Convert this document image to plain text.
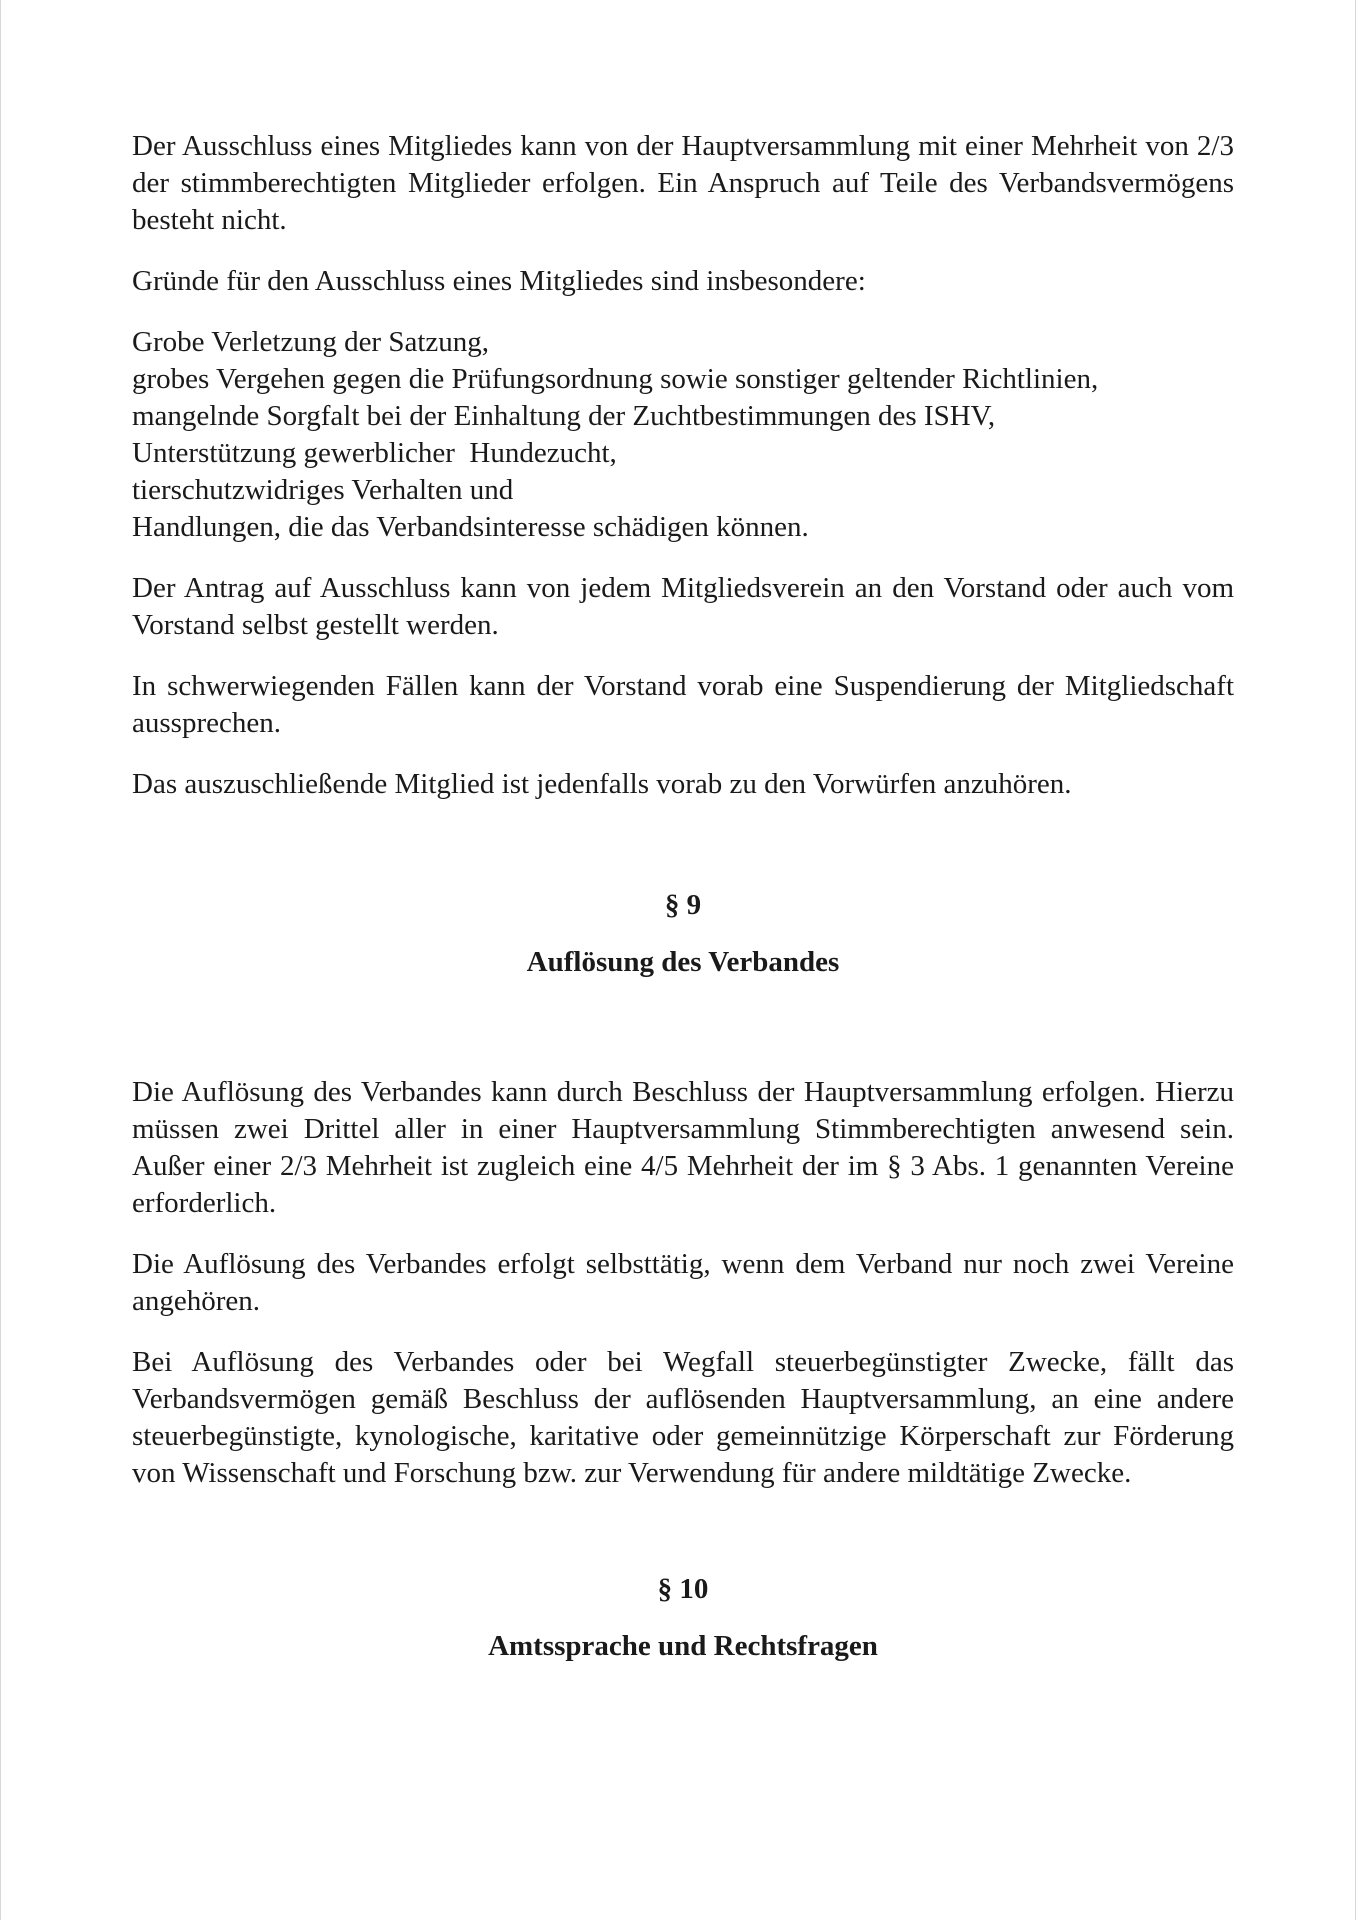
Der Ausschluss eines Mitgliedes kann von der Hauptversammlung mit einer Mehrheit von 2/3 der stimmberechtigten Mitglieder erfolgen. Ein Anspruch auf Teile des Verbandsvermögens besteht nicht.

Gründe für den Ausschluss eines Mitgliedes sind insbesondere:

Grobe Verletzung der Satzung,
grobes Vergehen gegen die Prüfungsordnung sowie sonstiger geltender Richtlinien,
mangelnde Sorgfalt bei der Einhaltung der Zuchtbestimmungen des ISHV,
Unterstützung gewerblicher  Hundezucht,
tierschutzwidriges Verhalten und
Handlungen, die das Verbandsinteresse schädigen können.

Der Antrag auf Ausschluss kann von jedem Mitgliedsverein an den Vorstand oder auch vom Vorstand selbst gestellt werden.

In schwerwiegenden Fällen kann der Vorstand vorab eine Suspendierung der Mitgliedschaft aussprechen.

Das auszuschließende Mitglied ist jedenfalls vorab zu den Vorwürfen anzuhören.

§ 9
Auflösung des Verbandes

Die Auflösung des Verbandes kann durch Beschluss der Hauptversammlung erfolgen. Hierzu müssen zwei Drittel aller in einer Hauptversammlung Stimmberechtigten anwesend sein. Außer einer 2/3 Mehrheit ist zugleich eine 4/5 Mehrheit der im § 3 Abs. 1 genannten Vereine erforderlich.

Die Auflösung des Verbandes erfolgt selbsttätig, wenn dem Verband nur noch zwei Vereine angehören.

Bei Auflösung des Verbandes oder bei Wegfall steuerbegünstigter Zwecke, fällt das Verbandsvermögen gemäß Beschluss der auflösenden Hauptversammlung, an eine andere steuerbegünstigte, kynologische, karitative oder gemeinnützige Körperschaft zur Förderung von Wissenschaft und Forschung bzw. zur Verwendung für andere mildtätige Zwecke.

§ 10
Amtssprache und Rechtsfragen
